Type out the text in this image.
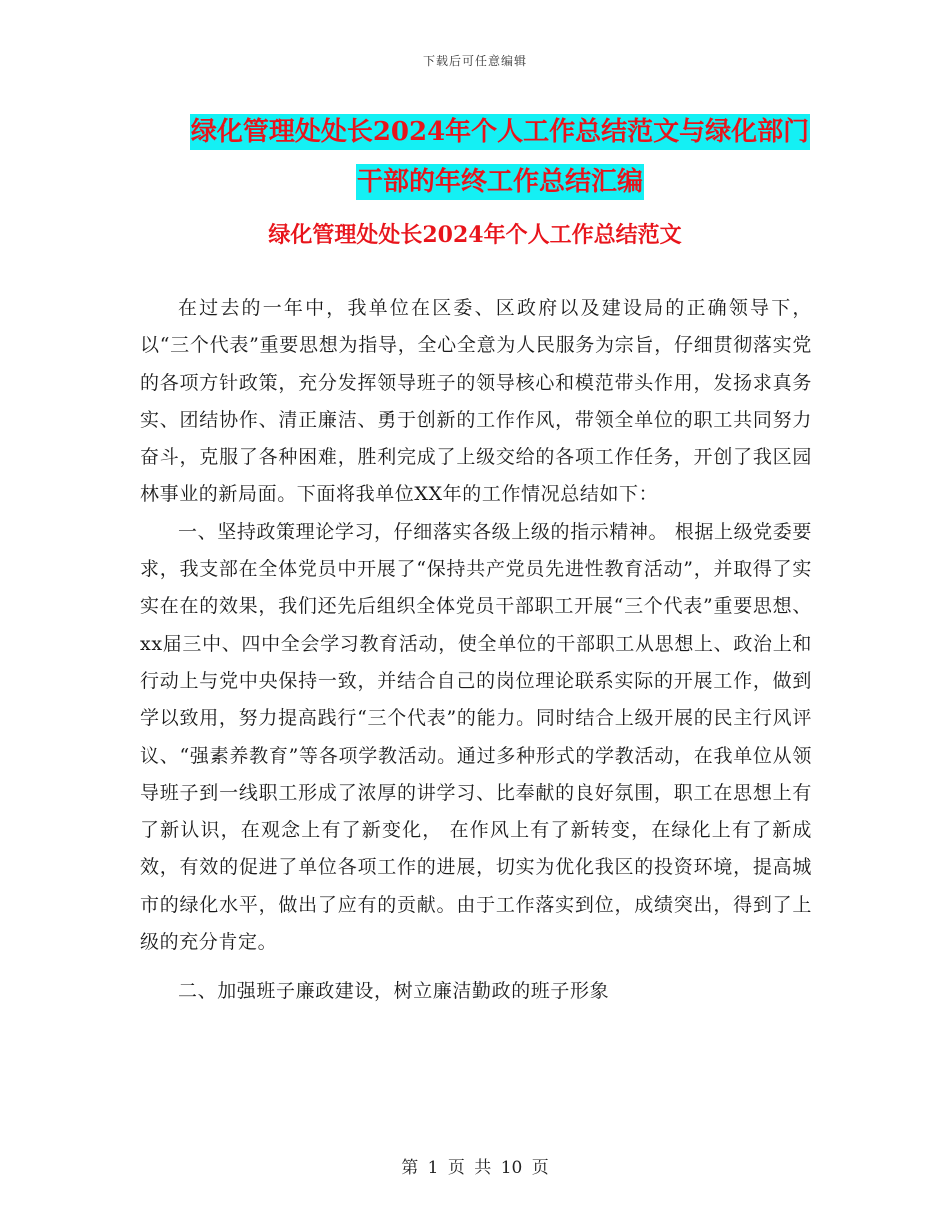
下载后可任意编辑
绿化管理处处长2024年个人工作总结范文与绿化部门
干部的年终工作总结汇编
绿化管理处处长2024年个人工作总结范文

在过去的一年中，我单位在区委、区政府以及建设局的正确领导下，以“三个代表”重要思想为指导，全心全意为人民服务为宗旨，仔细贯彻落实党的各项方针政策，充分发挥领导班子的领导核心和模范带头作用，发扬求真务实、团结协作、清正廉洁、勇于创新的工作作风，带领全单位的职工共同努力奋斗，克服了各种困难，胜利完成了上级交给的各项工作任务，开创了我区园林事业的新局面。下面将我单位XX年的工作情况总结如下：

一、坚持政策理论学习，仔细落实各级上级的指示精神。 根据上级党委要求，我支部在全体党员中开展了“保持共产党员先进性教育活动”，并取得了实实在在的效果，我们还先后组织全体党员干部职工开展“三个代表”重要思想、xx届三中、四中全会学习教育活动，使全单位的干部职工从思想上、政治上和行动上与党中央保持一致，并结合自己的岗位理论联系实际的开展工作，做到学以致用，努力提高践行“三个代表”的能力。同时结合上级开展的民主行风评议、“强素养教育”等各项学教活动。通过多种形式的学教活动，在我单位从领导班子到一线职工形成了浓厚的讲学习、比奉献的良好氛围，职工在思想上有了新认识，在观念上有了新变化， 在作风上有了新转变，在绿化上有了新成效，有效的促进了单位各项工作的进展，切实为优化我区的投资环境，提高城市的绿化水平，做出了应有的贡献。由于工作落实到位，成绩突出，得到了上级的充分肯定。

二、加强班子廉政建设，树立廉洁勤政的班子形象

第 1 页 共 10 页
